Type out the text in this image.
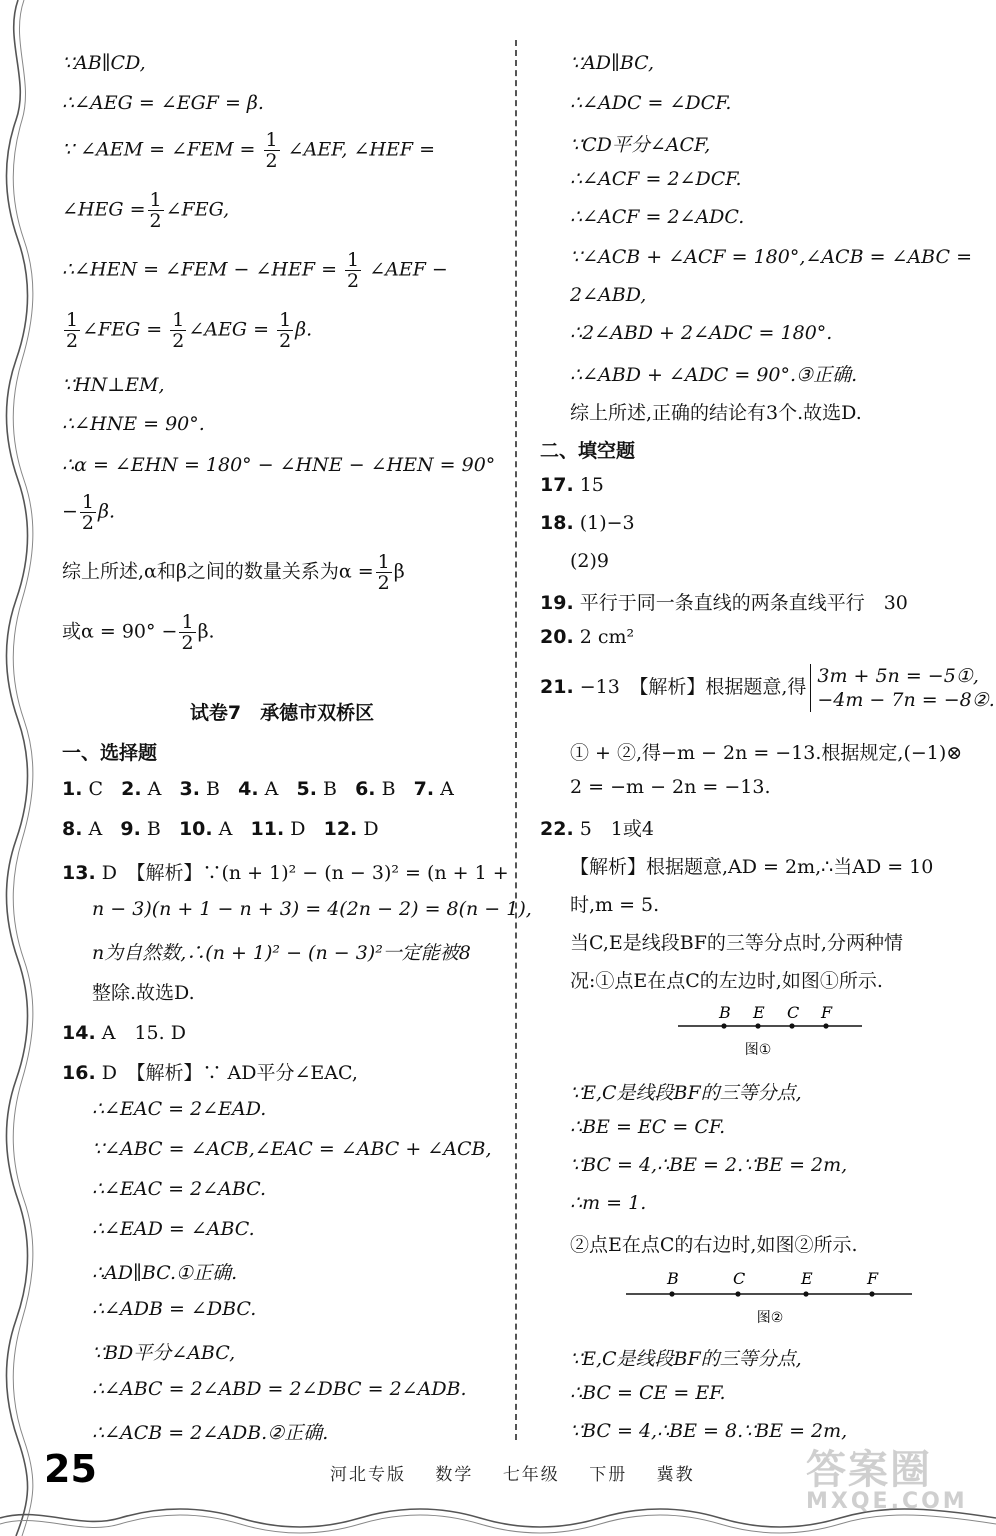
∵AB∥CD,
∴∠AEG = ∠EGF = β.
∵ ∠AEM = ∠FEM = $\frac{1}{2}$ ∠AEF, ∠HEF =
∠HEG = $\frac{1}{2}$ ∠FEG,
∴∠HEN = ∠FEM − ∠HEF = $\frac{1}{2}$ ∠AEF −
$\frac{1}{2}$ ∠FEG = $\frac{1}{2}$ ∠AEG = $\frac{1}{2} \beta$.
∵HN⊥EM,
∴∠HNE = 90°.
∴α = ∠EHN = 180° − ∠HNE − ∠HEN = 90°
− $\frac{1}{2} \beta$.
综上所述,α和β之间的数量关系为$\alpha = \frac{1}{2}$ β
或$\alpha = 90^\circ - \frac{1}{2} \beta$.
试卷7　承德市双桥区
一、选择题
1. C 2. A 3. B 4. A 5. B 6. B 7. A
8. A 9. B 10. A 11. D 12. D
13. D　【解析】∵(n + 1)² − (n − 3)² = (n + 1 +
n − 3)(n + 1 − n + 3) = 4(2n − 2) = 8(n − 1),
n为自然数,∴(n + 1)² − (n − 3)²一定能被8
整除.故选D.
14. A　15. D
16. D　【解析】∵ AD平分∠EAC,
∴∠EAC = 2∠EAD.
∵∠ABC = ∠ACB,∠EAC = ∠ABC + ∠ACB,
∴∠EAC = 2∠ABC.
∴∠EAD = ∠ABC.
∴AD∥BC.①正确.
∴∠ADB = ∠DBC.
∵BD平分∠ABC,
∴∠ABC = 2∠ABD = 2∠DBC = 2∠ADB.
∴∠ACB = 2∠ADB.②正确.
∵AD∥BC,
∴∠ADC = ∠DCF.
∵CD平分∠ACF,
∴∠ACF = 2∠DCF.
∴∠ACF = 2∠ADC.
∵∠ACB + ∠ACF = 180°,∠ACB = ∠ABC =
2∠ABD,
∴2∠ABD + 2∠ADC = 180°.
∴∠ABD + ∠ADC = 90°.③正确.
综上所述,正确的结论有3个.故选D.
二、填空题
17. 15
18. (1)−3
(2)9
19. 平行于同一条直线的两条直线平行　30
20. 2 cm²
21. −13　【解析】根据题意,得 3m + 5n = −5①,
−4m − 7n = −8②.
① + ②,得−m − 2n = −13.根据规定,(−1)⊗
2 = −m − 2n = −13.
22. 5　1或4
【解析】根据题意,AD = 2m,∴当AD = 10
时,m = 5.
当C,E是线段BF的三等分点时,分两种情
况:①点E在点C的左边时,如图①所示.
B E C F
图①
∵E,C是线段BF的三等分点,
∴BE = EC = CF.
∵BC = 4,∴BE = 2.∵BE = 2m,
∴m = 1.
②点E在点C的右边时,如图②所示.
B	C	E	F
图②
∵E,C是线段BF的三等分点,
∴BC = CE = EF.
∵BC = 4,∴BE = 8.∵BE = 2m,
25	河北专版 数学 七年级 下册 冀教	答案圈
MXQE.COM
